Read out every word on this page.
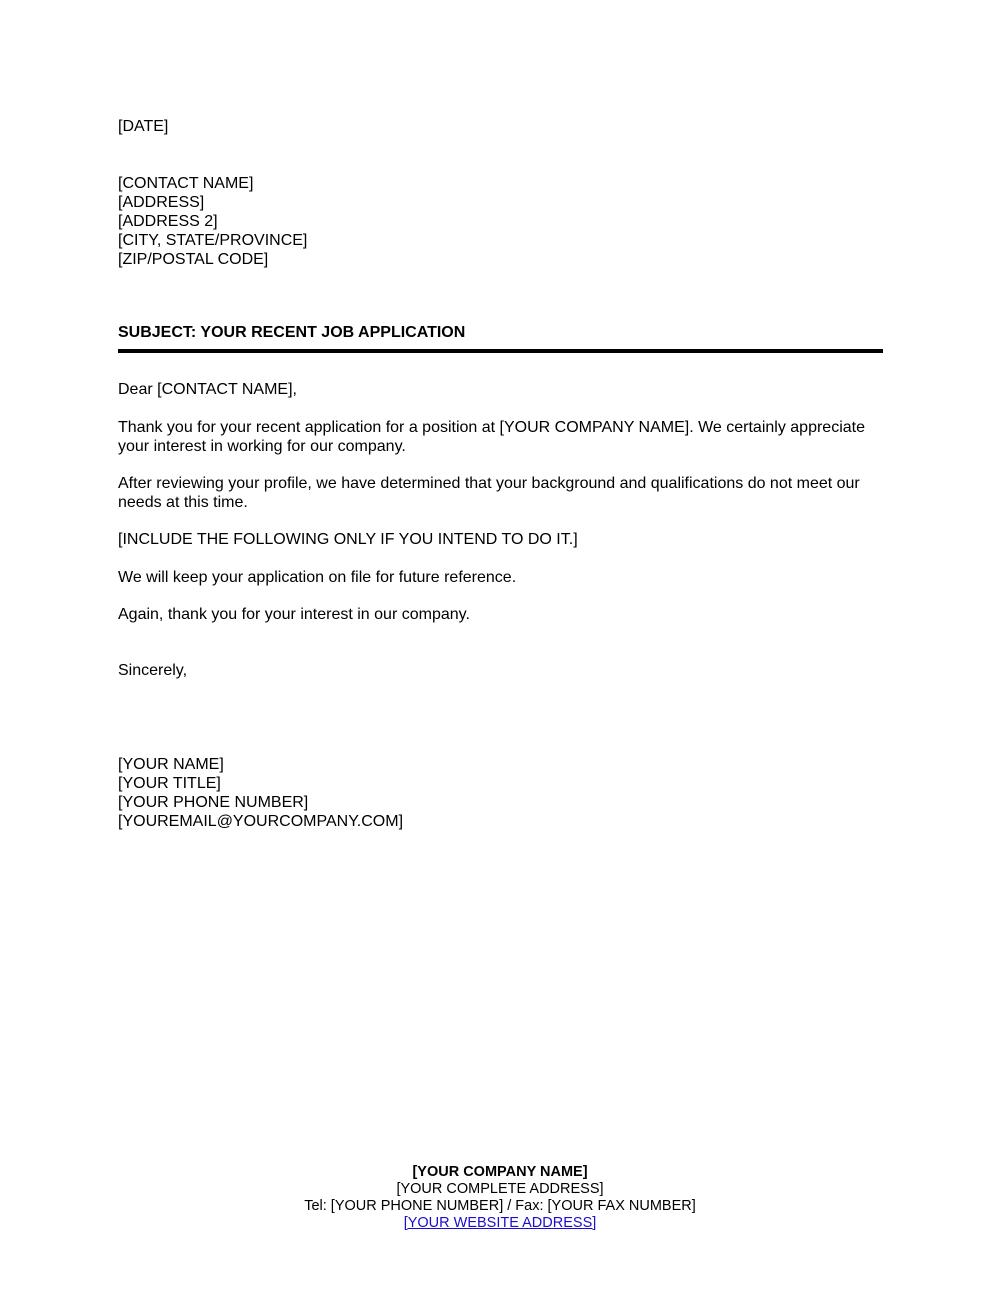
[DATE]

[CONTACT NAME]

[ADDRESS]

[ADDRESS 2]

[CITY, STATE/PROVINCE]

[ZIP/POSTAL CODE]

SUBJECT: YOUR RECENT JOB APPLICATION

Dear [CONTACT NAME],

Thank you for your recent application for a position at [YOUR COMPANY NAME]. We certainly appreciate your interest in working for our company.

After reviewing your profile, we have determined that your background and qualifications do not meet our needs at this time.

[INCLUDE THE FOLLOWING ONLY IF YOU INTEND TO DO IT.]

We will keep your application on file for future reference.

Again, thank you for your interest in our company.

Sincerely,

[YOUR NAME]

[YOUR TITLE]

[YOUR PHONE NUMBER]

[YOUREMAIL@YOURCOMPANY.COM]

[YOUR COMPANY NAME]

[YOUR COMPLETE ADDRESS]

Tel: [YOUR PHONE NUMBER] / Fax: [YOUR FAX NUMBER]

[YOUR WEBSITE ADDRESS]
